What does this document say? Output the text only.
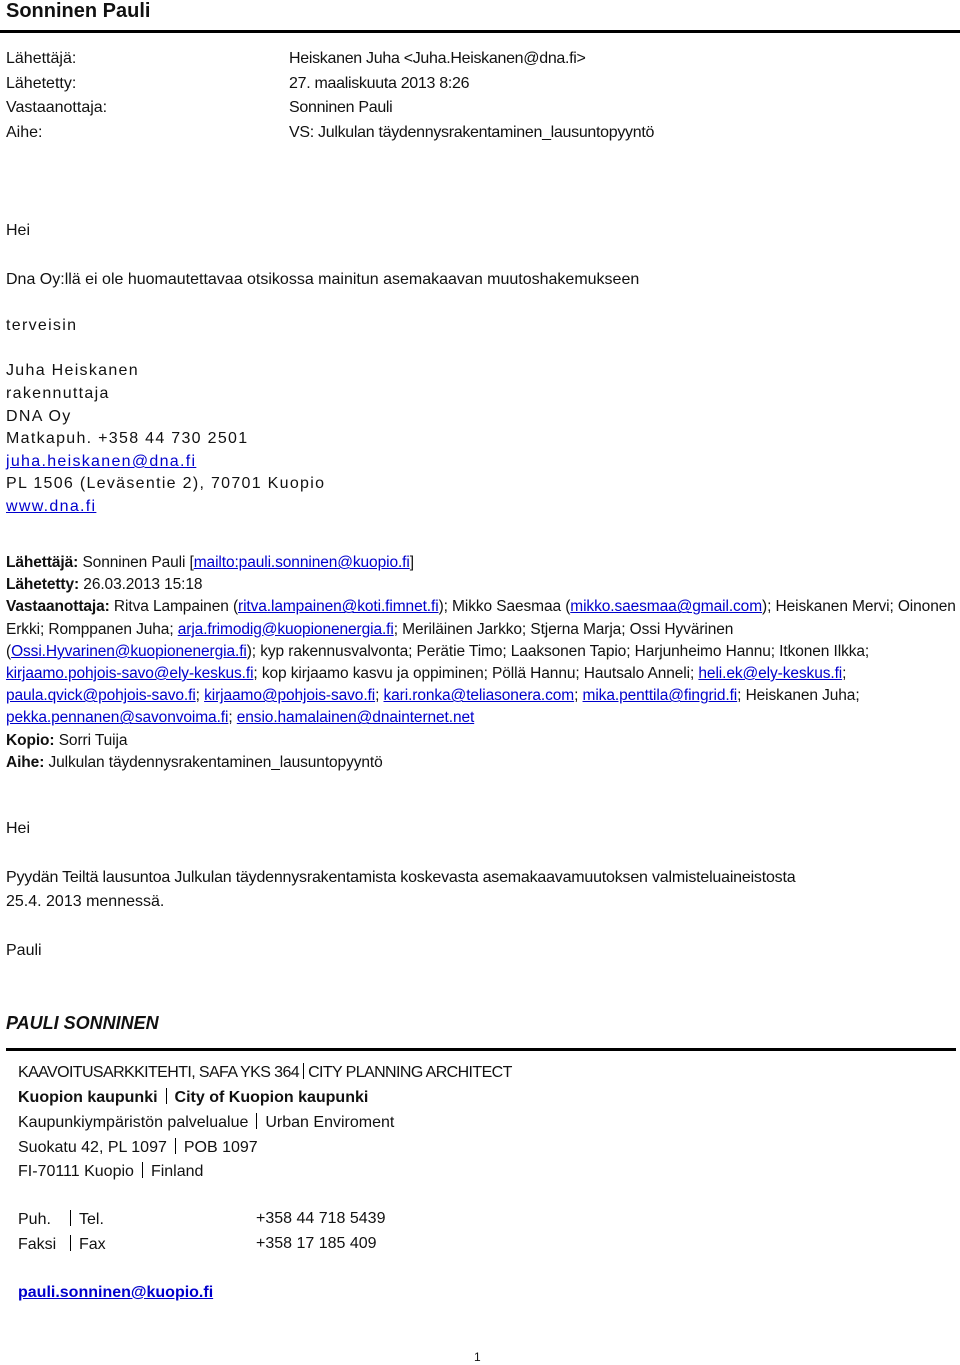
Sonninen Pauli
Lähettäjä:	Heiskanen Juha <Juha.Heiskanen@dna.fi>
Lähetetty:	27. maaliskuuta 2013 8:26
Vastaanottaja:	Sonninen Pauli
Aihe:	VS: Julkulan täydennysrakentaminen_lausuntopyyntö
Hei
Dna Oy:llä ei ole huomautettavaa otsikossa mainitun asemakaavan muutoshakemukseen
terveisin
Juha Heiskanen
rakennuttaja
DNA Oy
Matkapuh. +358 44 730 2501
juha.heiskanen@dna.fi
PL 1506 (Leväsentie 2), 70701 Kuopio
www.dna.fi
Lähettäjä: Sonninen Pauli [mailto:pauli.sonninen@kuopio.fi]
Lähetetty: 26.03.2013 15:18
Vastaanottaja: Ritva Lampainen (ritva.lampainen@koti.fimnet.fi); Mikko Saesmaa (mikko.saesmaa@gmail.com); Heiskanen Mervi; Oinonen Erkki; Romppanen Juha; arja.frimodig@kuopionenergia.fi; Meriläinen Jarkko; Stjerna Marja; Ossi Hyvärinen (Ossi.Hyvarinen@kuopionenergia.fi); kyp rakennusvalvonta; Perätie Timo; Laaksonen Tapio; Harjunheimo Hannu; Itkonen Ilkka; kirjaamo.pohjois-savo@ely-keskus.fi; kop kirjaamo kasvu ja oppiminen; Pöllä Hannu; Hautsalo Anneli; heli.ek@ely-keskus.fi; paula.qvick@pohjois-savo.fi; kirjaamo@pohjois-savo.fi; kari.ronka@teliasonera.com; mika.penttila@fingrid.fi; Heiskanen Juha; pekka.pennanen@savonvoima.fi; ensio.hamalainen@dnainternet.net
Kopio: Sorri Tuija
Aihe: Julkulan täydennysrakentaminen_lausuntopyyntö
Hei
Pyydän Teiltä lausuntoa Julkulan täydennysrakentamista koskevasta asemakaavamuutoksen valmisteluaineistosta
25.4. 2013 mennessä.
Pauli
PAULI SONNINEN
KAAVOITUSARKKITEHTI, SAFA YKS 364 CITY PLANNING ARCHITECT
Kuopion kaupunki City of Kuopion kaupunki
Kaupunkiympäristön palvelualue Urban Enviroment
Suokatu 42, PL 1097 POB 1097
FI-70111 Kuopio Finland
Puh. Tel.	+358 44 718 5439
Faksi Fax	+358 17 185 409
pauli.sonninen@kuopio.fi
1
